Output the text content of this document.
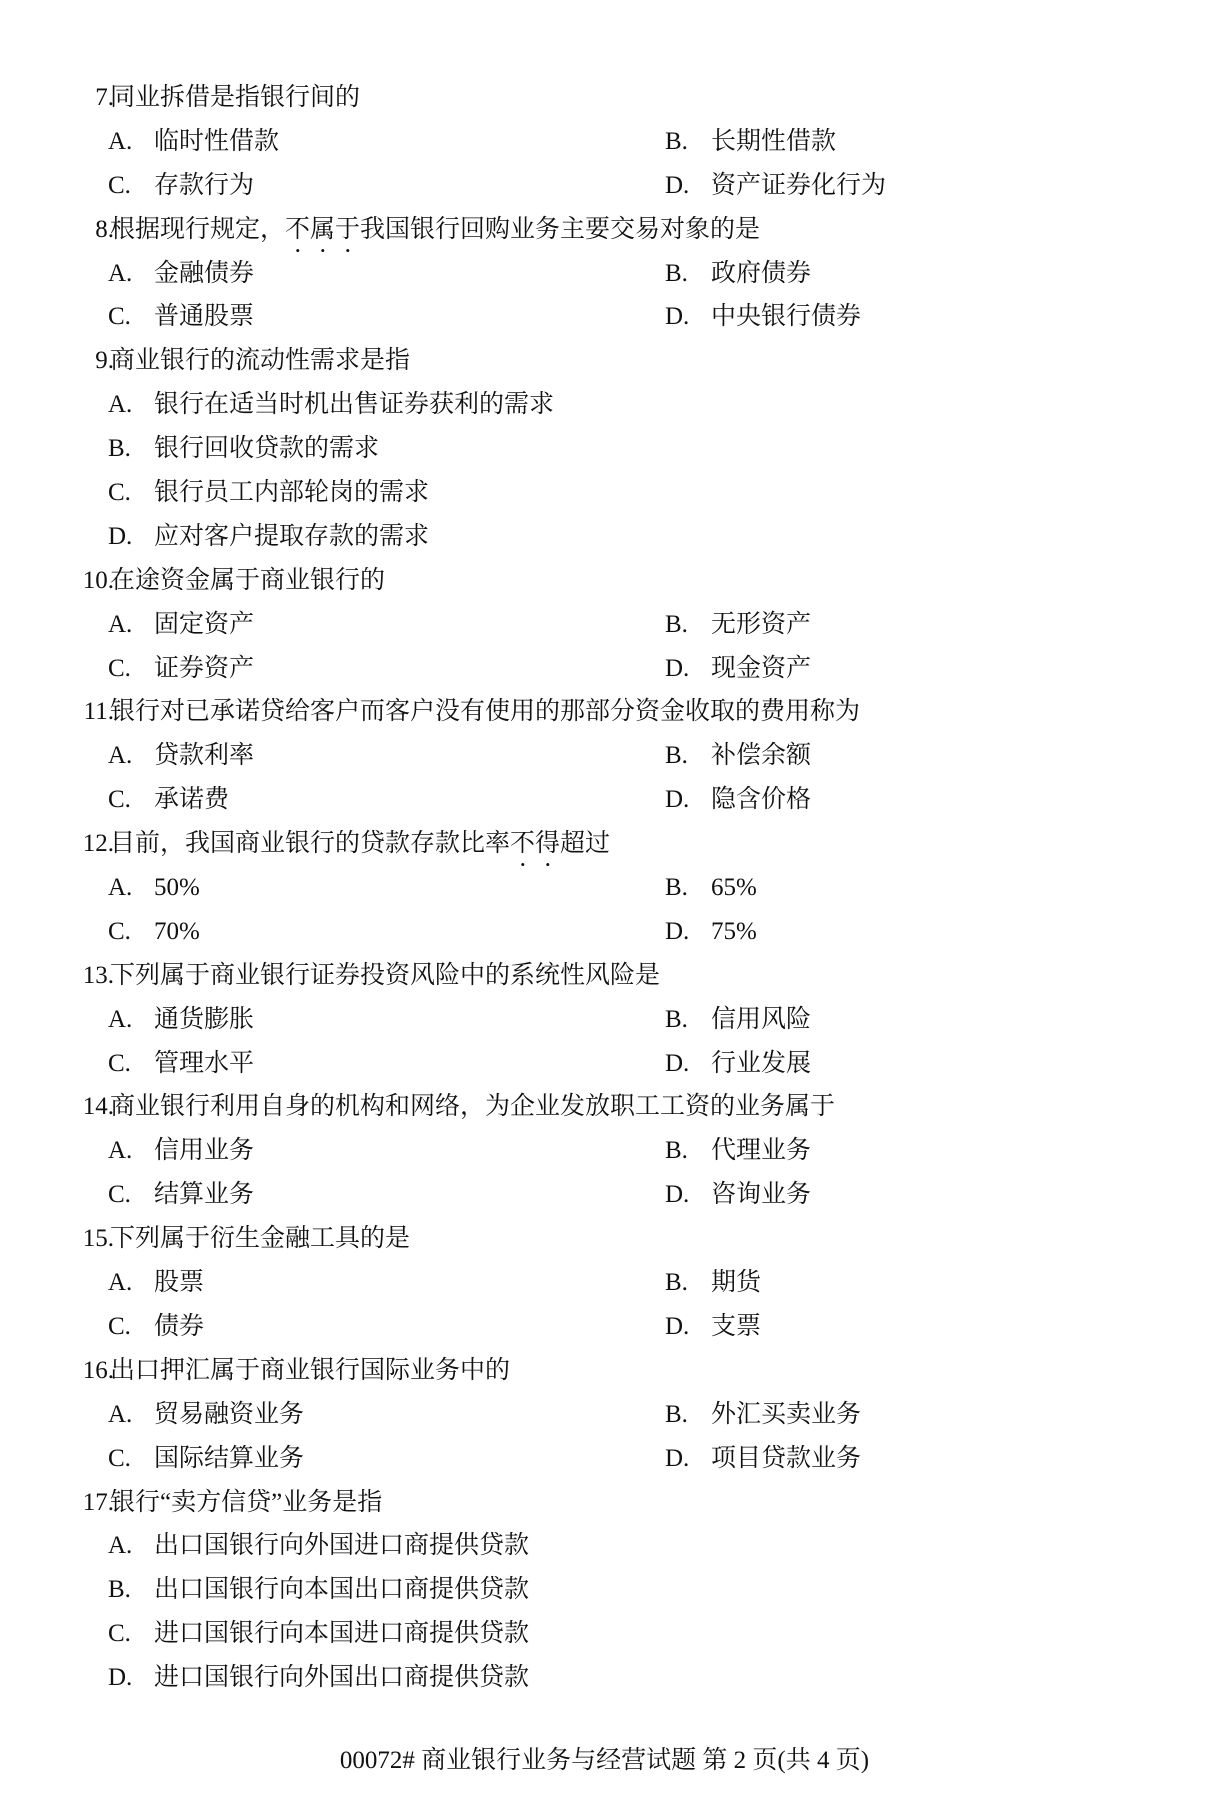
7.
同业拆借是指银行间的
A. 临时性借款	B. 长期性借款
C. 存款行为	D. 资产证券化行为
8.
根据现行规定，不属于我国银行回购业务主要交易对象的是
A. 金融债券	B. 政府债券
C. 普通股票	D. 中央银行债券
9.
商业银行的流动性需求是指
A. 银行在适当时机出售证券获利的需求
B. 银行回收贷款的需求
C. 银行员工内部轮岗的需求
D. 应对客户提取存款的需求
10.
在途资金属于商业银行的
A. 固定资产	B. 无形资产
C. 证券资产	D. 现金资产
11.
银行对已承诺贷给客户而客户没有使用的那部分资金收取的费用称为
A. 贷款利率	B. 补偿余额
C. 承诺费	D. 隐含价格
12.
目前，我国商业银行的贷款存款比率不得超过
A. 50%	B. 65%
C. 70%	D. 75%
13.
下列属于商业银行证券投资风险中的系统性风险是
A. 通货膨胀	B. 信用风险
C. 管理水平	D. 行业发展
14.
商业银行利用自身的机构和网络，为企业发放职工工资的业务属于
A. 信用业务	B. 代理业务
C. 结算业务	D. 咨询业务
15.
下列属于衍生金融工具的是
A. 股票	B. 期货
C. 债券	D. 支票
16.
出口押汇属于商业银行国际业务中的
A. 贸易融资业务	B. 外汇买卖业务
C. 国际结算业务	D. 项目贷款业务
17.
银行“卖方信贷”业务是指
A. 出口国银行向外国进口商提供贷款
B. 出口国银行向本国出口商提供贷款
C. 进口国银行向本国进口商提供贷款
D. 进口国银行向外国出口商提供贷款
00072# 商业银行业务与经营试题 第 2 页(共 4 页)
